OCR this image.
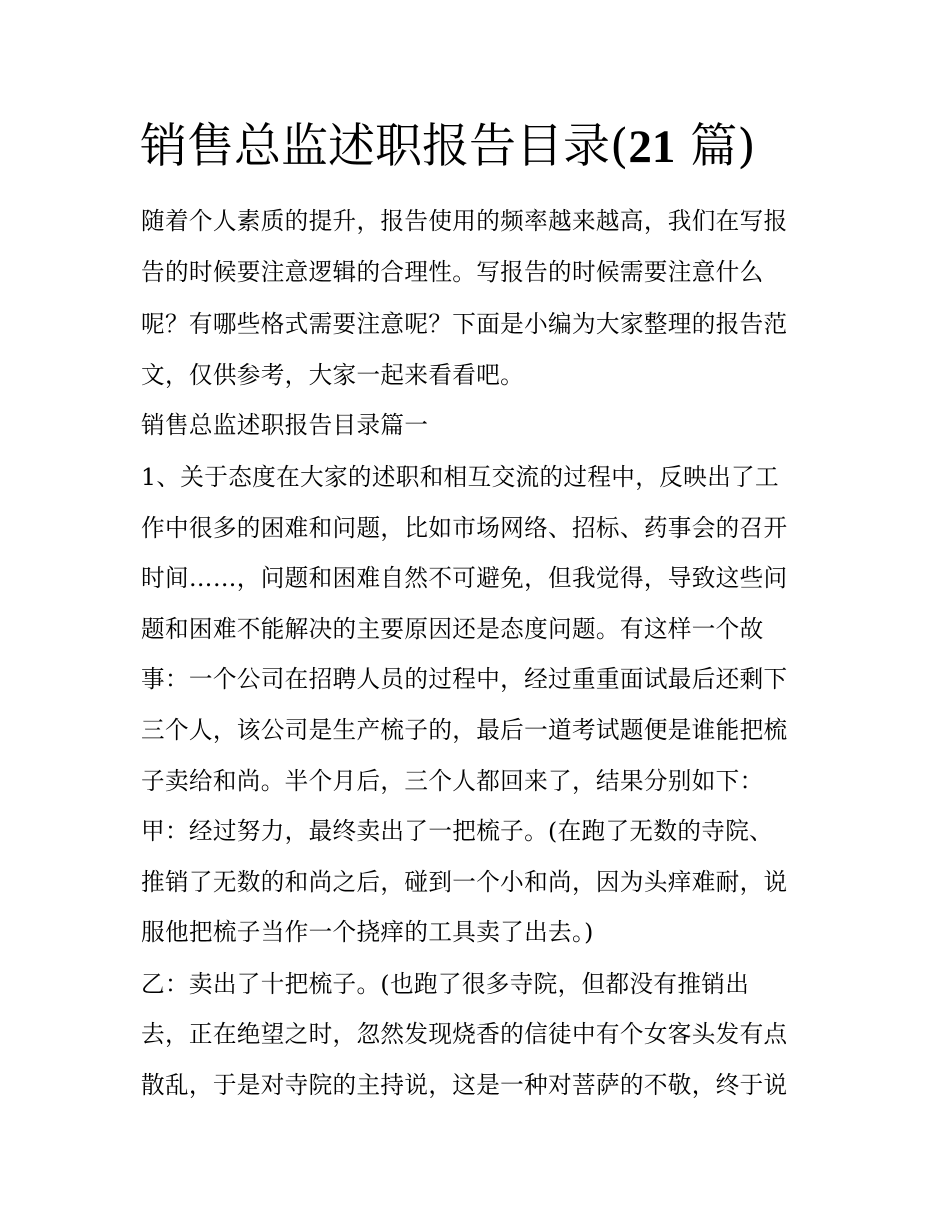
销售总监述职报告目录(21 篇)

随着个人素质的提升，报告使用的频率越来越高，我们在写报

告的时候要注意逻辑的合理性。写报告的时候需要注意什么

呢？有哪些格式需要注意呢？下面是小编为大家整理的报告范

文，仅供参考，大家一起来看看吧。

销售总监述职报告目录篇一

1、关于态度在大家的述职和相互交流的过程中，反映出了工

作中很多的困难和问题，比如市场网络、招标、药事会的召开

时间……，问题和困难自然不可避免，但我觉得，导致这些问

题和困难不能解决的主要原因还是态度问题。有这样一个故

事：一个公司在招聘人员的过程中，经过重重面试最后还剩下

三个人，该公司是生产梳子的，最后一道考试题便是谁能把梳

子卖给和尚。半个月后，三个人都回来了，结果分别如下：

甲：经过努力，最终卖出了一把梳子。(在跑了无数的寺院、

推销了无数的和尚之后，碰到一个小和尚，因为头痒难耐，说

服他把梳子当作一个挠痒的工具卖了出去。)

乙：卖出了十把梳子。(也跑了很多寺院，但都没有推销出

去，正在绝望之时，忽然发现烧香的信徒中有个女客头发有点

散乱，于是对寺院的主持说，这是一种对菩萨的不敬，终于说
